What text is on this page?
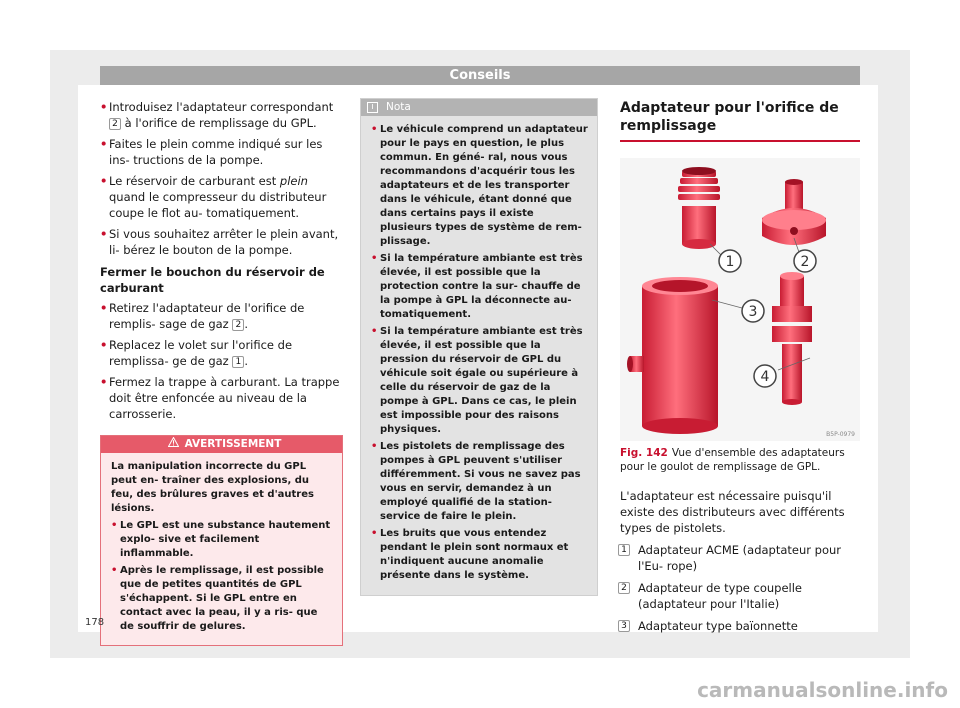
Conseils
• Introduisez l'adaptateur correspondant 2 à l'orifice de remplissage du GPL.
• Faites le plein comme indiqué sur les ins- tructions de la pompe.
• Le réservoir de carburant est plein quand le compresseur du distributeur coupe le flot au- tomatiquement.
• Si vous souhaitez arrêter le plein avant, li- bérez le bouton de la pompe.
Fermer le bouchon du réservoir de carburant
• Retirez l'adaptateur de l'orifice de remplis- sage de gaz 2 .
• Replacez le volet sur l'orifice de remplissa- ge de gaz 1 .
• Fermez la trappe à carburant. La trappe doit être enfoncée au niveau de la carrosserie.
AVERTISSEMENT
La manipulation incorrecte du GPL peut en- traîner des explosions, du feu, des brûlures graves et d'autres lésions.
• Le GPL est une substance hautement explo- sive et facilement inflammable.
• Après le remplissage, il est possible que de petites quantités de GPL s'échappent. Si le GPL entre en contact avec la peau, il y a ris- que de souffrir de gelures.
i	Nota
• Le véhicule comprend un adaptateur pour le pays en question, le plus commun. En géné- ral, nous vous recommandons d'acquérir tous les adaptateurs et de les transporter dans le véhicule, étant donné que dans certains pays il existe plusieurs types de système de rem- plissage.
• Si la température ambiante est très élevée, il est possible que la protection contre la sur- chauffe de la pompe à GPL la déconnecte au- tomatiquement.
• Si la température ambiante est très élevée, il est possible que la pression du réservoir de GPL du véhicule soit égale ou supérieure à celle du réservoir de gaz de la pompe à GPL. Dans ce cas, le plein est impossible pour des raisons physiques.
• Les pistolets de remplissage des pompes à GPL peuvent s'utiliser différemment. Si vous ne savez pas vous en servir, demandez à un employé qualifié de la station-service de faire le plein.
• Les bruits que vous entendez pendant le plein sont normaux et n'indiquent aucune anomalie présente dans le système.
Adaptateur pour l'orifice de remplissage
1	2
3
4
B5P-0979
Fig. 142 Vue d'ensemble des adaptateurs pour le goulot de remplissage de GPL.
L'adaptateur est nécessaire puisqu'il existe des distributeurs avec différents types de pistolets.
1 Adaptateur ACME (adaptateur pour l'Eu- rope)
2 Adaptateur de type coupelle (adaptateur pour l'Italie)
3 Adaptateur type baïonnette
178
carmanualsonline.info
